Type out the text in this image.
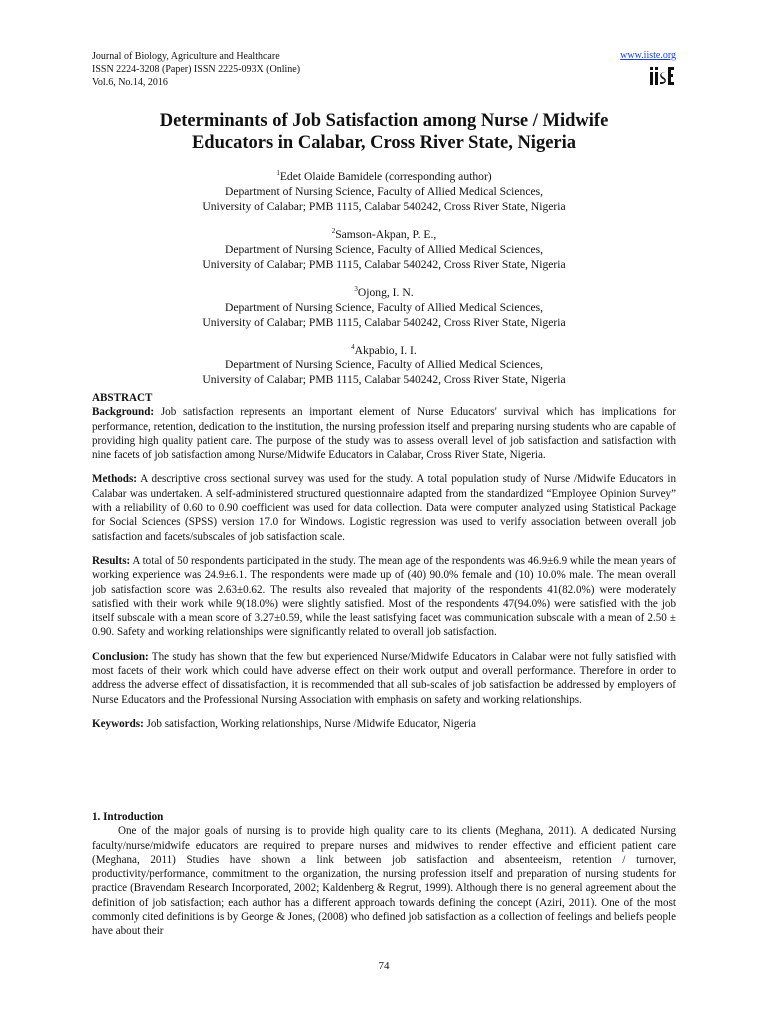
Journal of Biology, Agriculture and Healthcare
ISSN 2224-3208 (Paper) ISSN 2225-093X (Online)
Vol.6, No.14, 2016
www.iiste.org
Determinants of Job Satisfaction among Nurse / Midwife
Educators in Calabar, Cross River State, Nigeria
$^1$Edet Olaide Bamidele (corresponding author)
Department of Nursing Science, Faculty of Allied Medical Sciences,
University of Calabar; PMB 1115, Calabar 540242, Cross River State, Nigeria
$^2$Samson-Akpan, P. E.,
Department of Nursing Science, Faculty of Allied Medical Sciences,
University of Calabar; PMB 1115, Calabar 540242, Cross River State, Nigeria
$^3$Ojong, I. N.
Department of Nursing Science, Faculty of Allied Medical Sciences,
University of Calabar; PMB 1115, Calabar 540242, Cross River State, Nigeria
$^4$Akpabio, I. I.
Department of Nursing Science, Faculty of Allied Medical Sciences,
University of Calabar; PMB 1115, Calabar 540242, Cross River State, Nigeria

ABSTRACT

Background: Job satisfaction represents an important element of Nurse Educators' survival which has implications for performance, retention, dedication to the institution, the nursing profession itself and preparing nursing students who are capable of providing high quality patient care. The purpose of the study was to assess overall level of job satisfaction and satisfaction with nine facets of job satisfaction among Nurse/Midwife Educators in Calabar, Cross River State, Nigeria.

Methods: A descriptive cross sectional survey was used for the study. A total population study of Nurse /Midwife Educators in Calabar was undertaken. A self-administered structured questionnaire adapted from the standardized “Employee Opinion Survey” with a reliability of 0.60 to 0.90 coefficient was used for data collection. Data were computer analyzed using Statistical Package for Social Sciences (SPSS) version 17.0 for Windows. Logistic regression was used to verify association between overall job satisfaction and facets/subscales of job satisfaction scale.

Results: A total of 50 respondents participated in the study. The mean age of the respondents was 46.9±6.9 while the mean years of working experience was 24.9±6.1. The respondents were made up of (40) 90.0% female and (10) 10.0% male. The mean overall job satisfaction score was 2.63±0.62. The results also revealed that majority of the respondents 41(82.0%) were moderately satisfied with their work while 9(18.0%) were slightly satisfied. Most of the respondents 47(94.0%) were satisfied with the job itself subscale with a mean score of 3.27±0.59, while the least satisfying facet was communication subscale with a mean of 2.50 ± 0.90. Safety and working relationships were significantly related to overall job satisfaction.

Conclusion: The study has shown that the few but experienced Nurse/Midwife Educators in Calabar were not fully satisfied with most facets of their work which could have adverse effect on their work output and overall performance. Therefore in order to address the adverse effect of dissatisfaction, it is recommended that all sub-scales of job satisfaction be addressed by employers of Nurse Educators and the Professional Nursing Association with emphasis on safety and working relationships.

Keywords: Job satisfaction, Working relationships, Nurse /Midwife Educator, Nigeria

1. Introduction

One of the major goals of nursing is to provide high quality care to its clients (Meghana, 2011). A dedicated Nursing faculty/nurse/midwife educators are required to prepare nurses and midwives to render effective and efficient patient care (Meghana, 2011) Studies have shown a link between job satisfaction and absenteeism, retention / turnover, productivity/performance, commitment to the organization, the nursing profession itself and preparation of nursing students for practice (Bravendam Research Incorporated, 2002; Kaldenberg & Regrut, 1999). Although there is no general agreement about the definition of job satisfaction; each author has a different approach towards defining the concept (Aziri, 2011). One of the most commonly cited definitions is by George & Jones, (2008) who defined job satisfaction as a collection of feelings and beliefs people have about their

74
